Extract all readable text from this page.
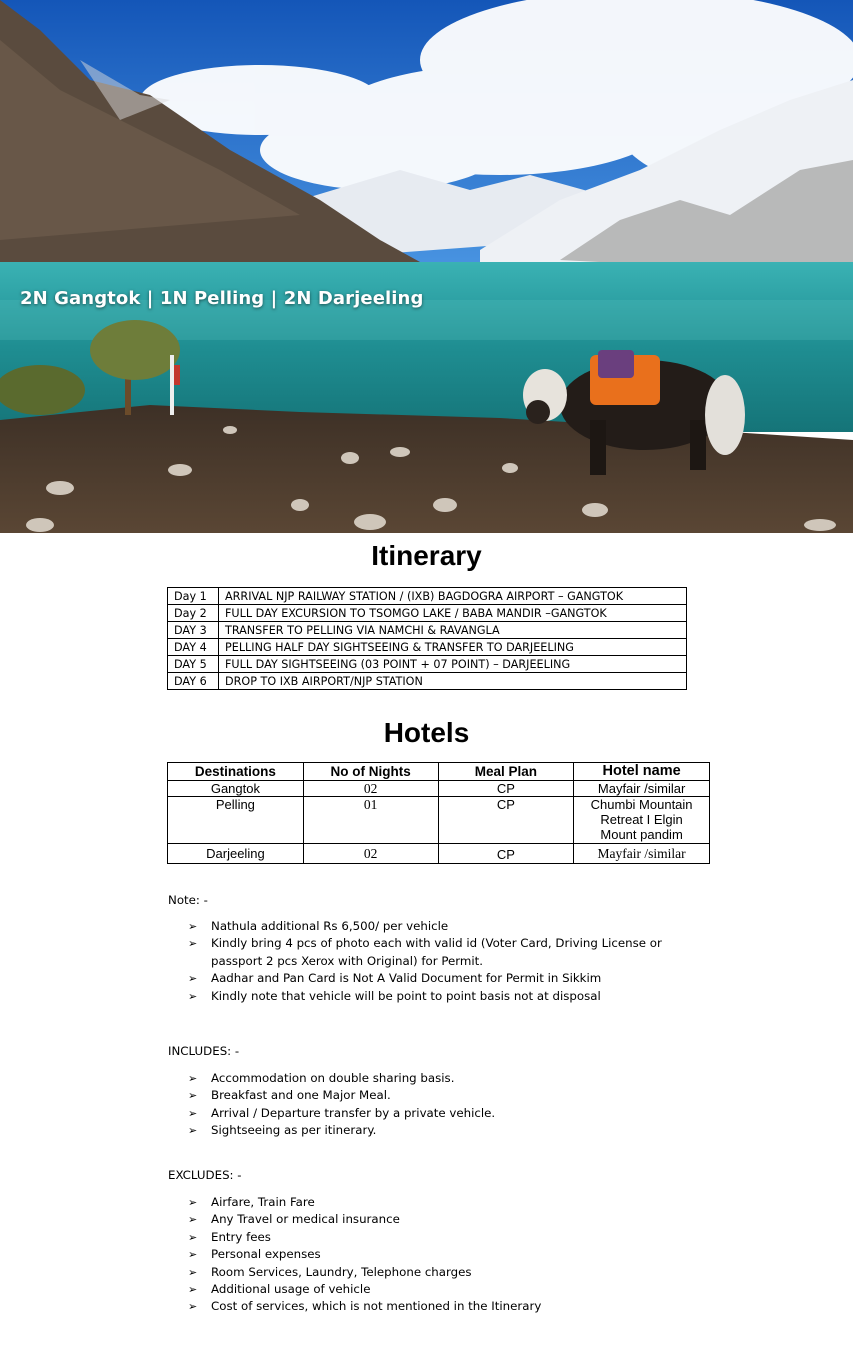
2N Gangtok | 1N Pelling | 2N Darjeeling
Itinerary
Day 1	ARRIVAL NJP RAILWAY STATION / (IXB) BAGDOGRA AIRPORT – GANGTOK
Day 2	FULL DAY EXCURSION TO TSOMGO LAKE / BABA MANDIR –GANGTOK
DAY 3	TRANSFER TO PELLING VIA NAMCHI & RAVANGLA
DAY 4	PELLING HALF DAY SIGHTSEEING & TRANSFER TO DARJEELING
DAY 5	FULL DAY SIGHTSEEING (03 POINT + 07 POINT) – DARJEELING
DAY 6	DROP TO IXB AIRPORT/NJP STATION
Hotels
Destinations	No of Nights	Meal Plan	Hotel name
Gangtok	02	CP	Mayfair /similar
Pelling	01	CP	Chumbi Mountain Retreat I Elgin Mount pandim
Darjeeling	02	CP	Mayfair /similar
Note: -
➢ Nathula additional Rs 6,500/ per vehicle
➢ Kindly bring 4 pcs of photo each with valid id (Voter Card, Driving License or passport 2 pcs Xerox with Original) for Permit.
➢ Aadhar and Pan Card is Not A Valid Document for Permit in Sikkim
➢ Kindly note that vehicle will be point to point basis not at disposal
INCLUDES: -
➢ Accommodation on double sharing basis.
➢ Breakfast and one Major Meal.
➢ Arrival / Departure transfer by a private vehicle.
➢ Sightseeing as per itinerary.
EXCLUDES: -
➢ Airfare, Train Fare
➢ Any Travel or medical insurance
➢ Entry fees
➢ Personal expenses
➢ Room Services, Laundry, Telephone charges
➢ Additional usage of vehicle
➢ Cost of services, which is not mentioned in the Itinerary
